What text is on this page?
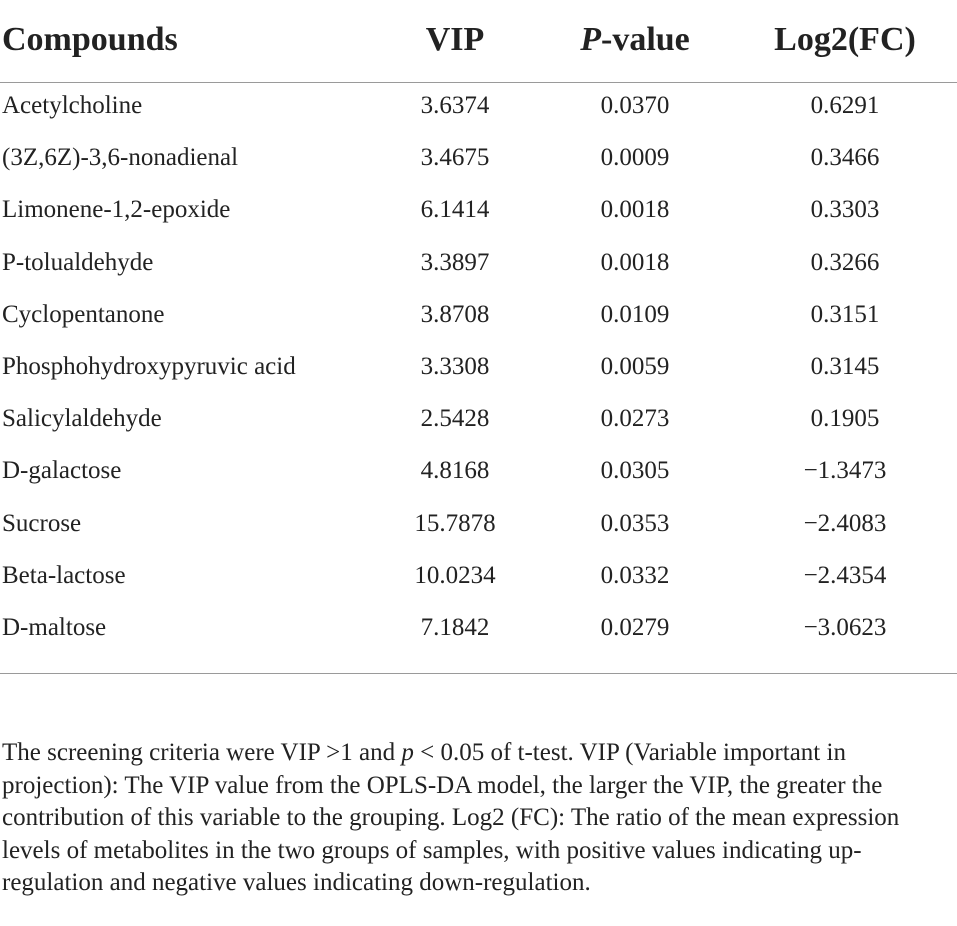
Compounds	VIP	P-value	Log2(FC)
Acetylcholine	3.6374	0.0370	0.6291
(3Z,6Z)-3,6-nonadienal	3.4675	0.0009	0.3466
Limonene-1,2-epoxide	6.1414	0.0018	0.3303
P-tolualdehyde	3.3897	0.0018	0.3266
Cyclopentanone	3.8708	0.0109	0.3151
Phosphohydroxypyruvic acid	3.3308	0.0059	0.3145
Salicylaldehyde	2.5428	0.0273	0.1905
D-galactose	4.8168	0.0305	−1.3473
Sucrose	15.7878	0.0353	−2.4083
Beta-lactose	10.0234	0.0332	−2.4354
D-maltose	7.1842	0.0279	−3.0623
The screening criteria were VIP >1 and p < 0.05 of t-test. VIP (Variable important in projection): The VIP value from the OPLS-DA model, the larger the VIP, the greater the contribution of this variable to the grouping. Log2 (FC): The ratio of the mean expression levels of metabolites in the two groups of samples, with positive values indicating up-regulation and negative values indicating down-regulation.
